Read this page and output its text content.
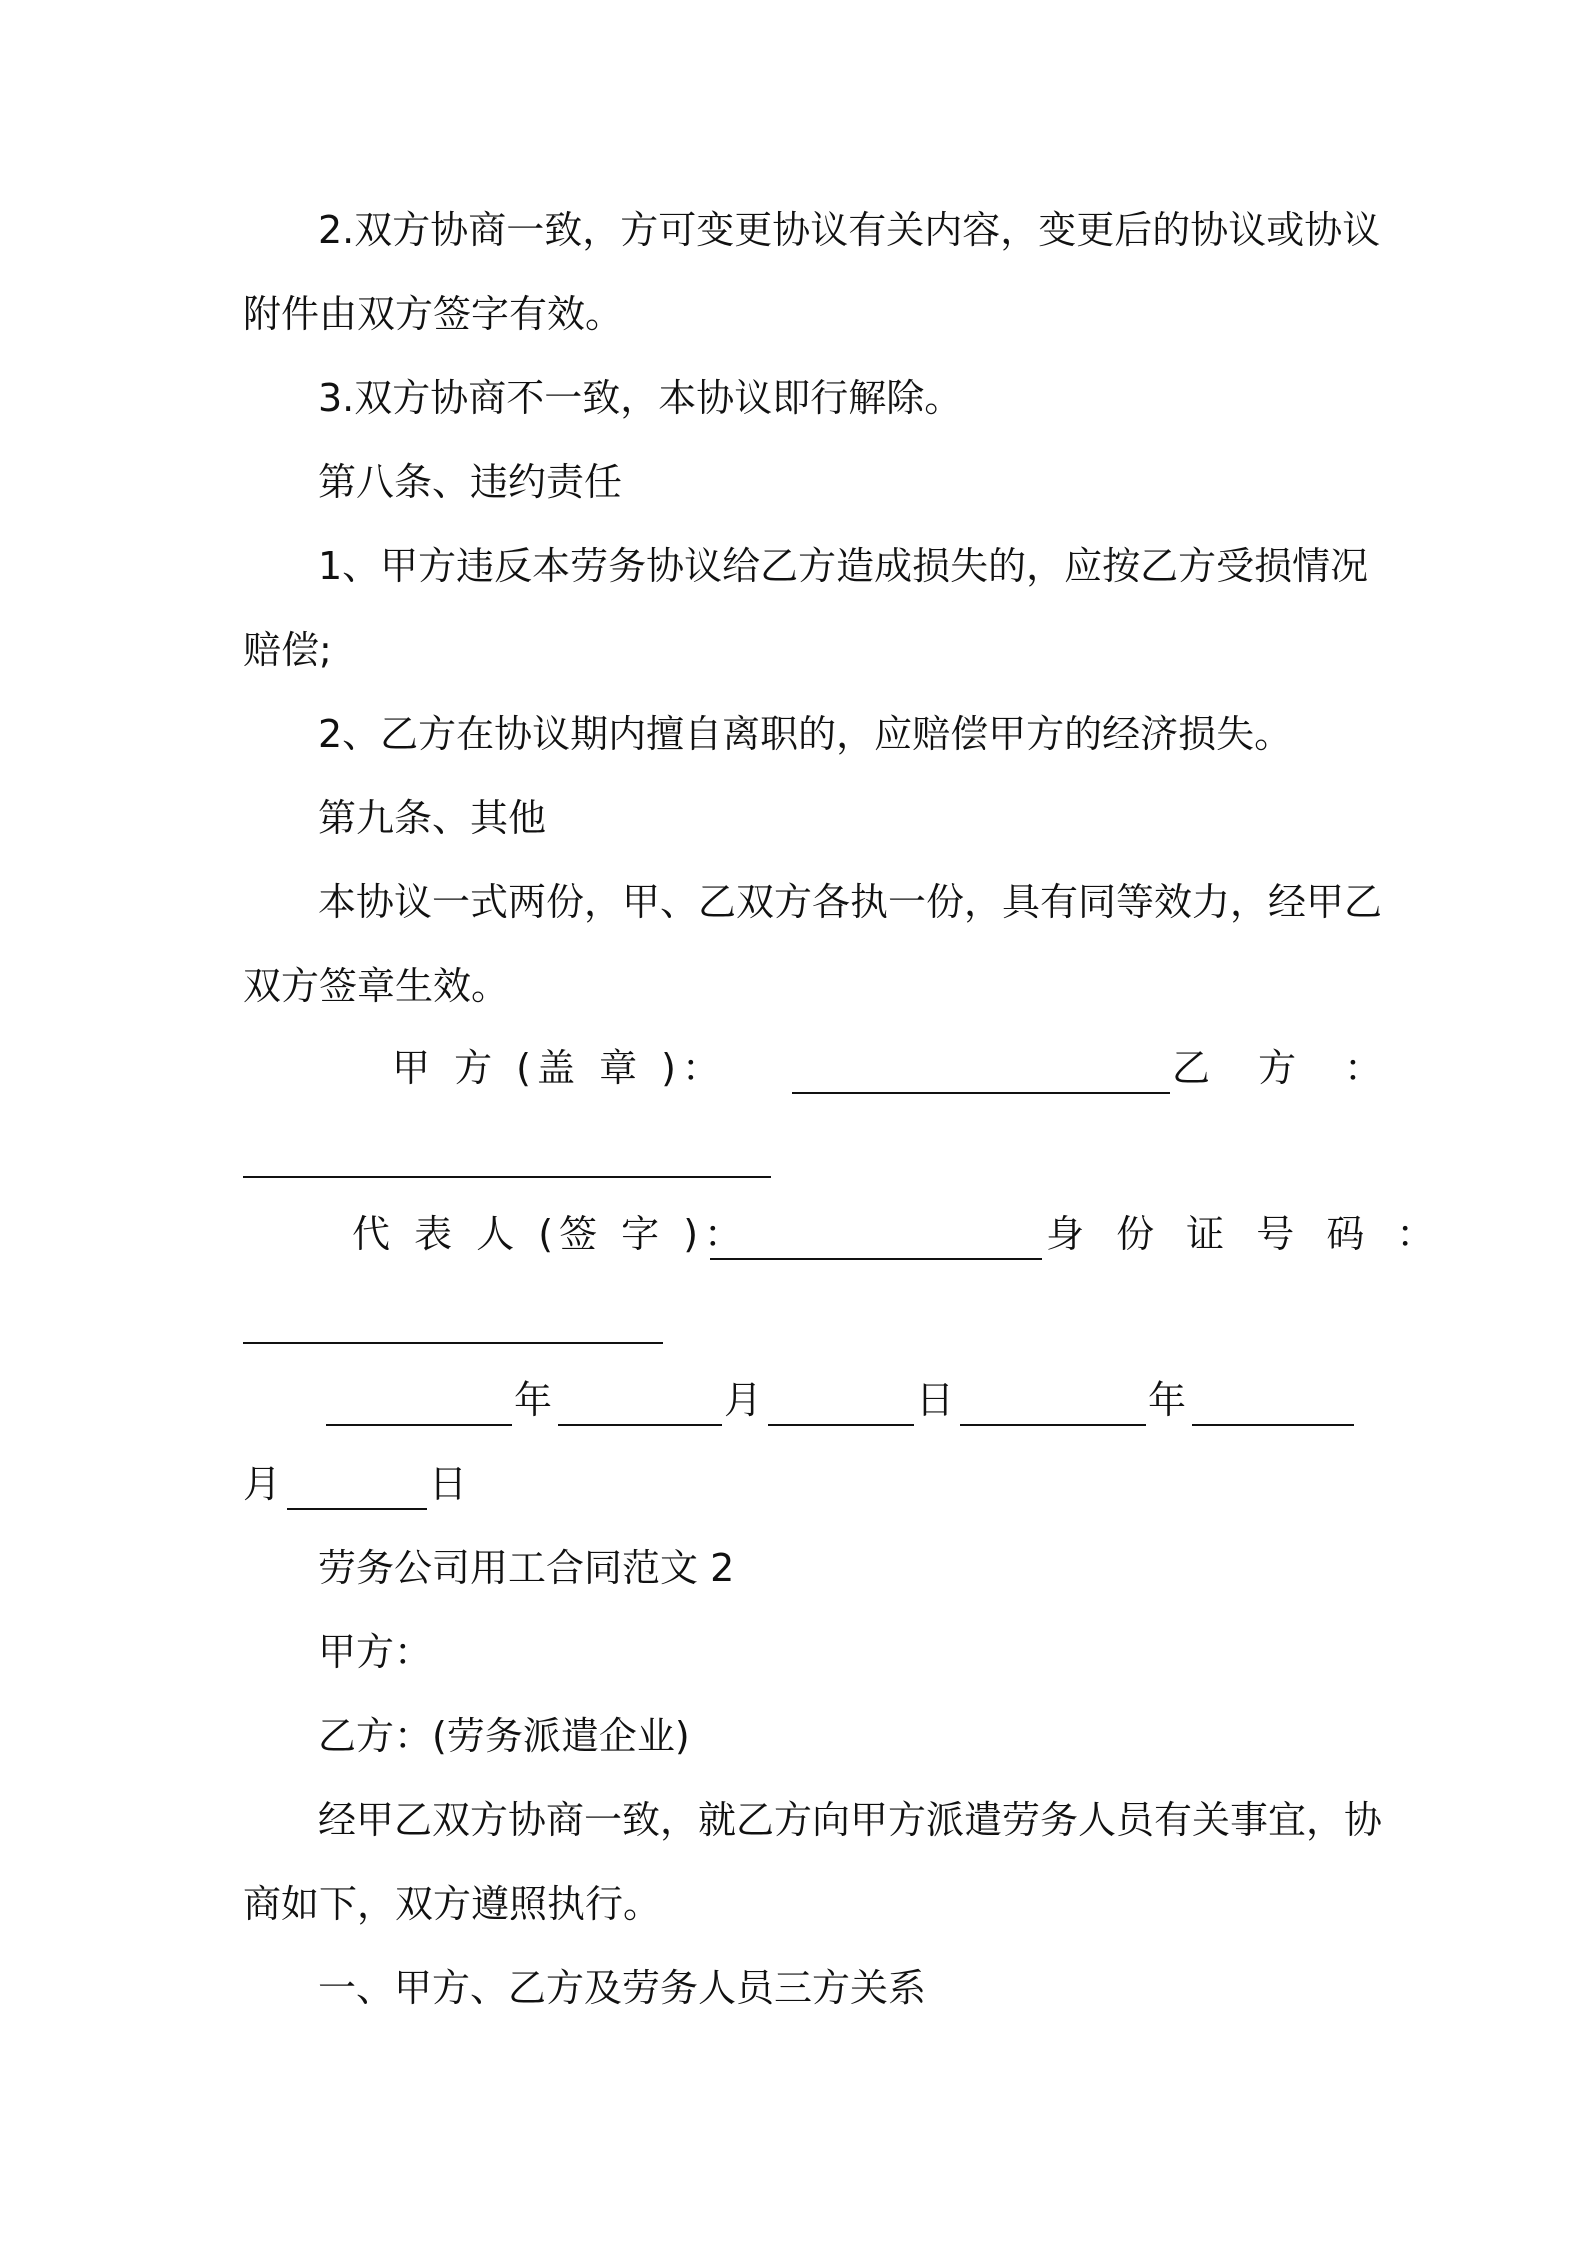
2.双方协商一致，方可变更协议有关内容，变更后的协议或协议
附件由双方签字有效。
3.双方协商不一致，本协议即行解除。
第八条、违约责任
1、甲方违反本劳务协议给乙方造成损失的，应按乙方受损情况
赔偿;
2、乙方在协议期内擅自离职的，应赔偿甲方的经济损失。
第九条、其他
本协议一式两份，甲、乙双方各执一份，具有同等效力，经甲乙
双方签章生效。
甲 方 (盖 章 )：	乙 方 ：
代 表 人 (签 字 )：	身 份 证 号 码 ：
年	月	日	年
月	日
劳务公司用工合同范文 2
甲方：
乙方：(劳务派遣企业)
经甲乙双方协商一致，就乙方向甲方派遣劳务人员有关事宜，协
商如下，双方遵照执行。
一、甲方、乙方及劳务人员三方关系
